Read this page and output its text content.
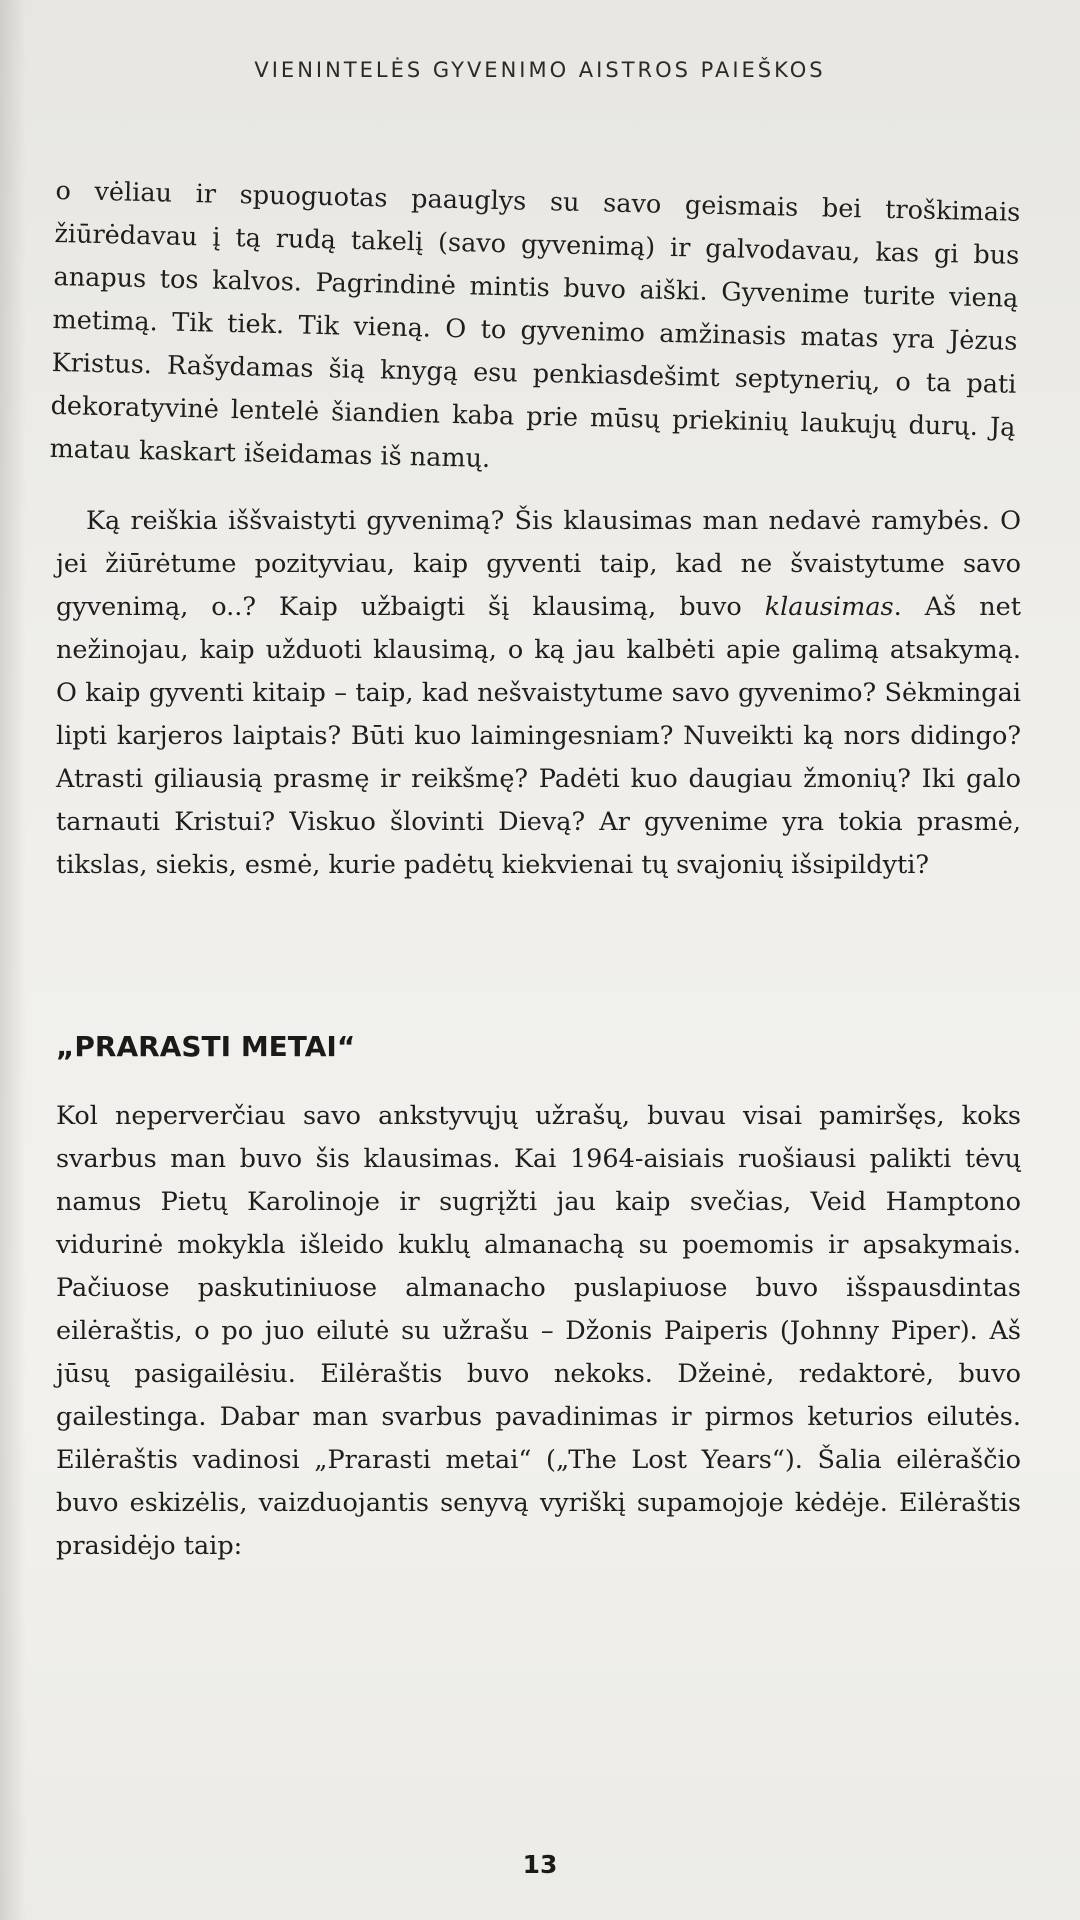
VIENINTELĖS GYVENIMO AISTROS PAIEŠKOS

o vėliau ir spuoguotas paauglys su savo geismais bei troškimais žiūrėdavau į tą rudą takelį (savo gyvenimą) ir galvodavau, kas gi bus anapus tos kalvos. Pagrindinė mintis buvo aiški. Gyvenime turite vieną metimą. Tik tiek. Tik vieną. O to gyvenimo amžinasis matas yra Jėzus Kristus. Rašydamas šią knygą esu penkiasdešimt septynerių, o ta pati dekoratyvinė lentelė šiandien kaba prie mūsų priekinių laukujų durų. Ją matau kaskart išeidamas iš namų.

Ką reiškia iššvaistyti gyvenimą? Šis klausimas man nedavė ramybės. O jei žiūrėtume pozityviau, kaip gyventi taip, kad ne švaistytume savo gyvenimą, o..? Kaip užbaigti šį klausimą, buvo klausimas. Aš net nežinojau, kaip užduoti klausimą, o ką jau kalbėti apie galimą atsakymą. O kaip gyventi kitaip – taip, kad nešvaistytume savo gyvenimo? Sėkmingai lipti karjeros laiptais? Būti kuo laimingesniam? Nuveikti ką nors didingo? Atrasti giliausią prasmę ir reikšmę? Padėti kuo daugiau žmonių? Iki galo tarnauti Kristui? Viskuo šlovinti Dievą? Ar gyvenime yra tokia prasmė, tikslas, siekis, esmė, kurie padėtų kiekvienai tų svajonių išsipildyti?

„PRARASTI METAI“

Kol neperverčiau savo ankstyvųjų užrašų, buvau visai pamiršęs, koks svarbus man buvo šis klausimas. Kai 1964-aisiais ruošiausi palikti tėvų namus Pietų Karolinoje ir sugrįžti jau kaip svečias, Veid Hamptono vidurinė mokykla išleido kuklų almanachą su poemomis ir apsakymais. Pačiuose paskutiniuose almanacho puslapiuose buvo išspausdintas eilėraštis, o po juo eilutė su užrašu – Džonis Paiperis (Johnny Piper). Aš jūsų pasigailėsiu. Eilėraštis buvo nekoks. Džeinė, redaktorė, buvo gailestinga. Dabar man svarbus pavadinimas ir pirmos keturios eilutės. Eilėraštis vadinosi „Prarasti metai“ („The Lost Years“). Šalia eilėraščio buvo eskizėlis, vaizduojantis senyvą vyriškį supamojoje kėdėje. Eilėraštis prasidėjo taip:

13
